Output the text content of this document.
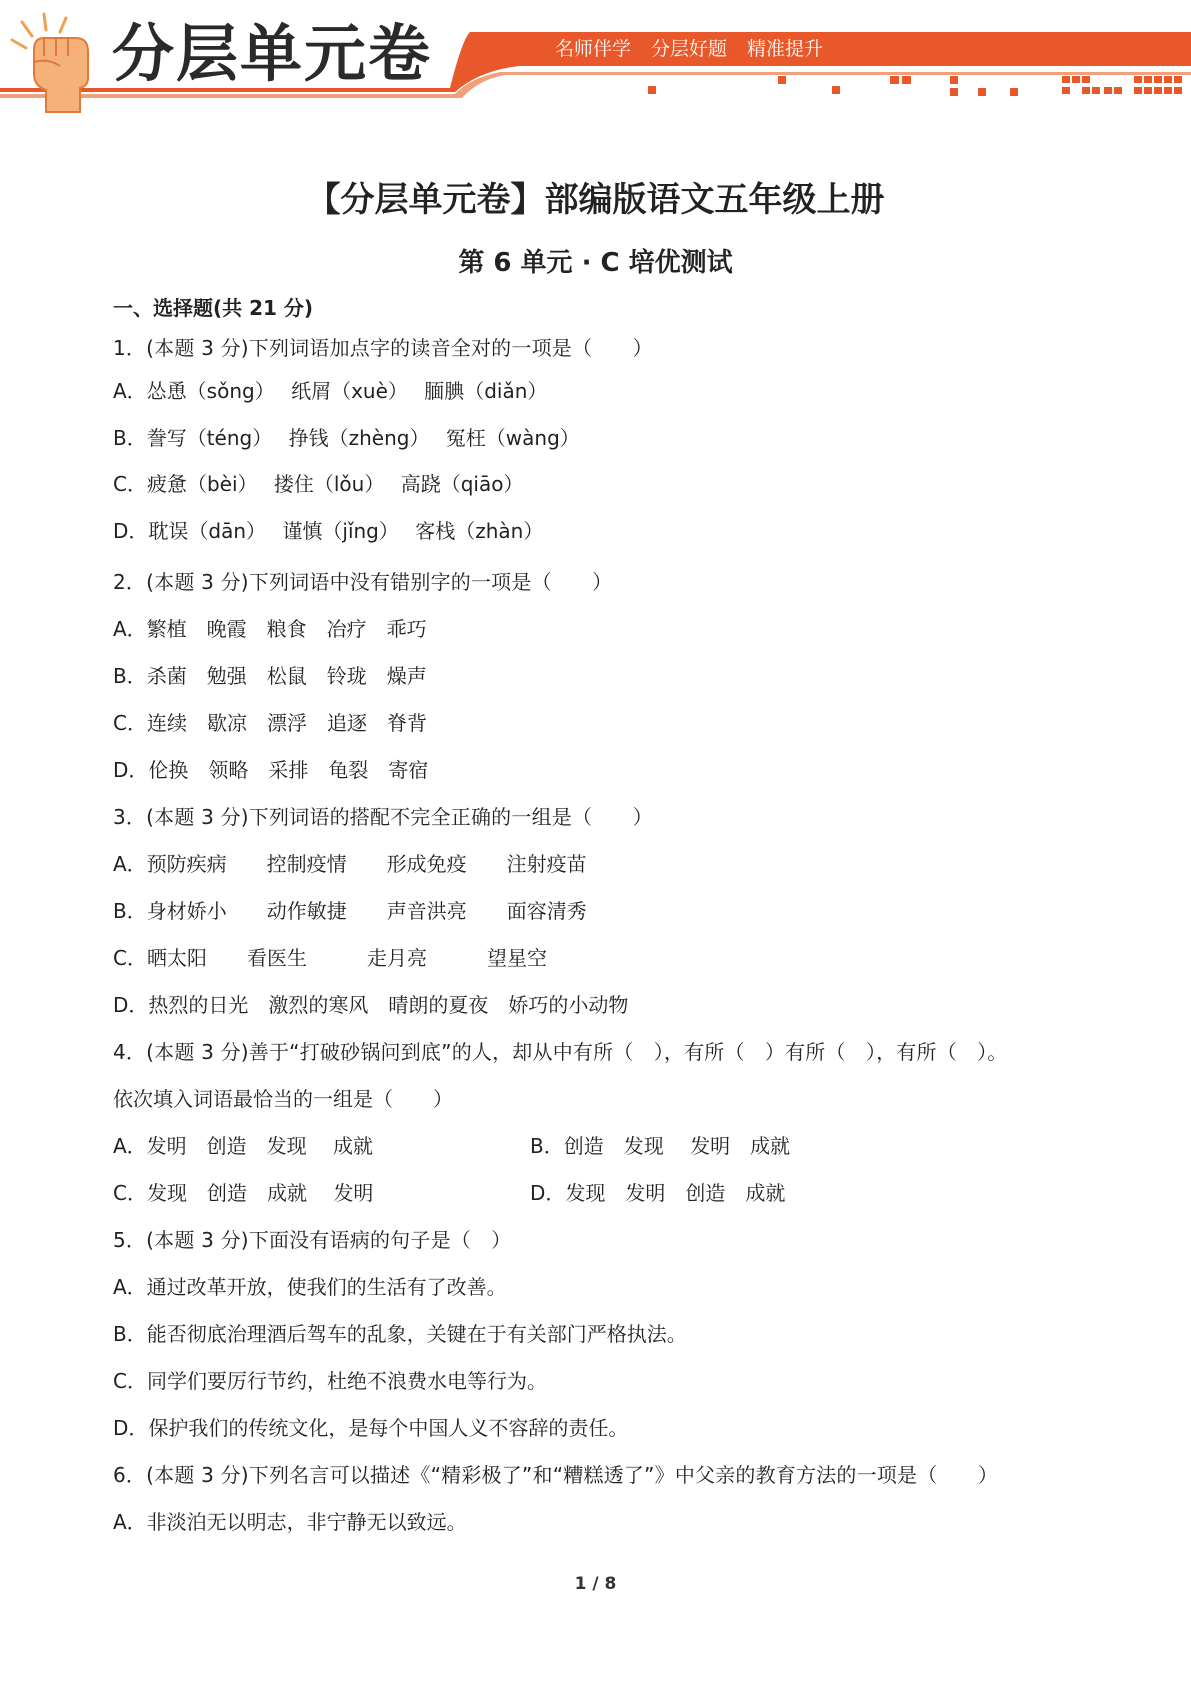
分层单元卷	名师伴学 分层好题 精准提升
【分层单元卷】部编版语文五年级上册
第 6 单元 · C 培优测试
一、选择题(共 21 分)
1．(本题 3 分)下列词语加点字的读音全对的一项是（　　）
A．怂恿（sǒng）　 纸屑（xuè）　 腼腆（diǎn）
B．誊写（téng）　 挣钱（zhèng）　 冤枉（wàng）
C．疲惫（bèi）　 搂住（lǒu）　 高跷（qiāo）
D．耽误（dān）　 谨慎（jǐng）　 客栈（zhàn）
2．(本题 3 分)下列词语中没有错别字的一项是（　　）
A．繁植　晚霞　粮食　冶疗　乖巧
B．杀菌　勉强　松鼠　铃珑　燥声
C．连续　歇凉　漂浮　追逐　脊背
D．伦换　领略　采排　龟裂　寄宿
3．(本题 3 分)下列词语的搭配不完全正确的一组是（　　）
A．预防疾病　　控制疫情　　形成免疫　　注射疫苗
B．身材娇小　　动作敏捷　　声音洪亮　　面容清秀
C．晒太阳　　看医生　　　走月亮　　　望星空
D．热烈的日光　激烈的寒风　晴朗的夏夜　娇巧的小动物
4．(本题 3 分)善于“打破砂锅问到底”的人，却从中有所（　），有所（　）有所（　），有所（　）。
依次填入词语最恰当的一组是（　　）
A．发明　创造　发现　 成就	B．创造　发现　 发明　成就
C．发现　创造　成就　 发明	D．发现　发明　创造　成就
5．(本题 3 分)下面没有语病的句子是（　）
A．通过改革开放，使我们的生活有了改善。
B．能否彻底治理酒后驾车的乱象，关键在于有关部门严格执法。
C．同学们要厉行节约，杜绝不浪费水电等行为。
D．保护我们的传统文化，是每个中国人义不容辞的责任。
6．(本题 3 分)下列名言可以描述《“精彩极了”和“糟糕透了”》中父亲的教育方法的一项是（　　）
A．非淡泊无以明志，非宁静无以致远。
1 / 8
